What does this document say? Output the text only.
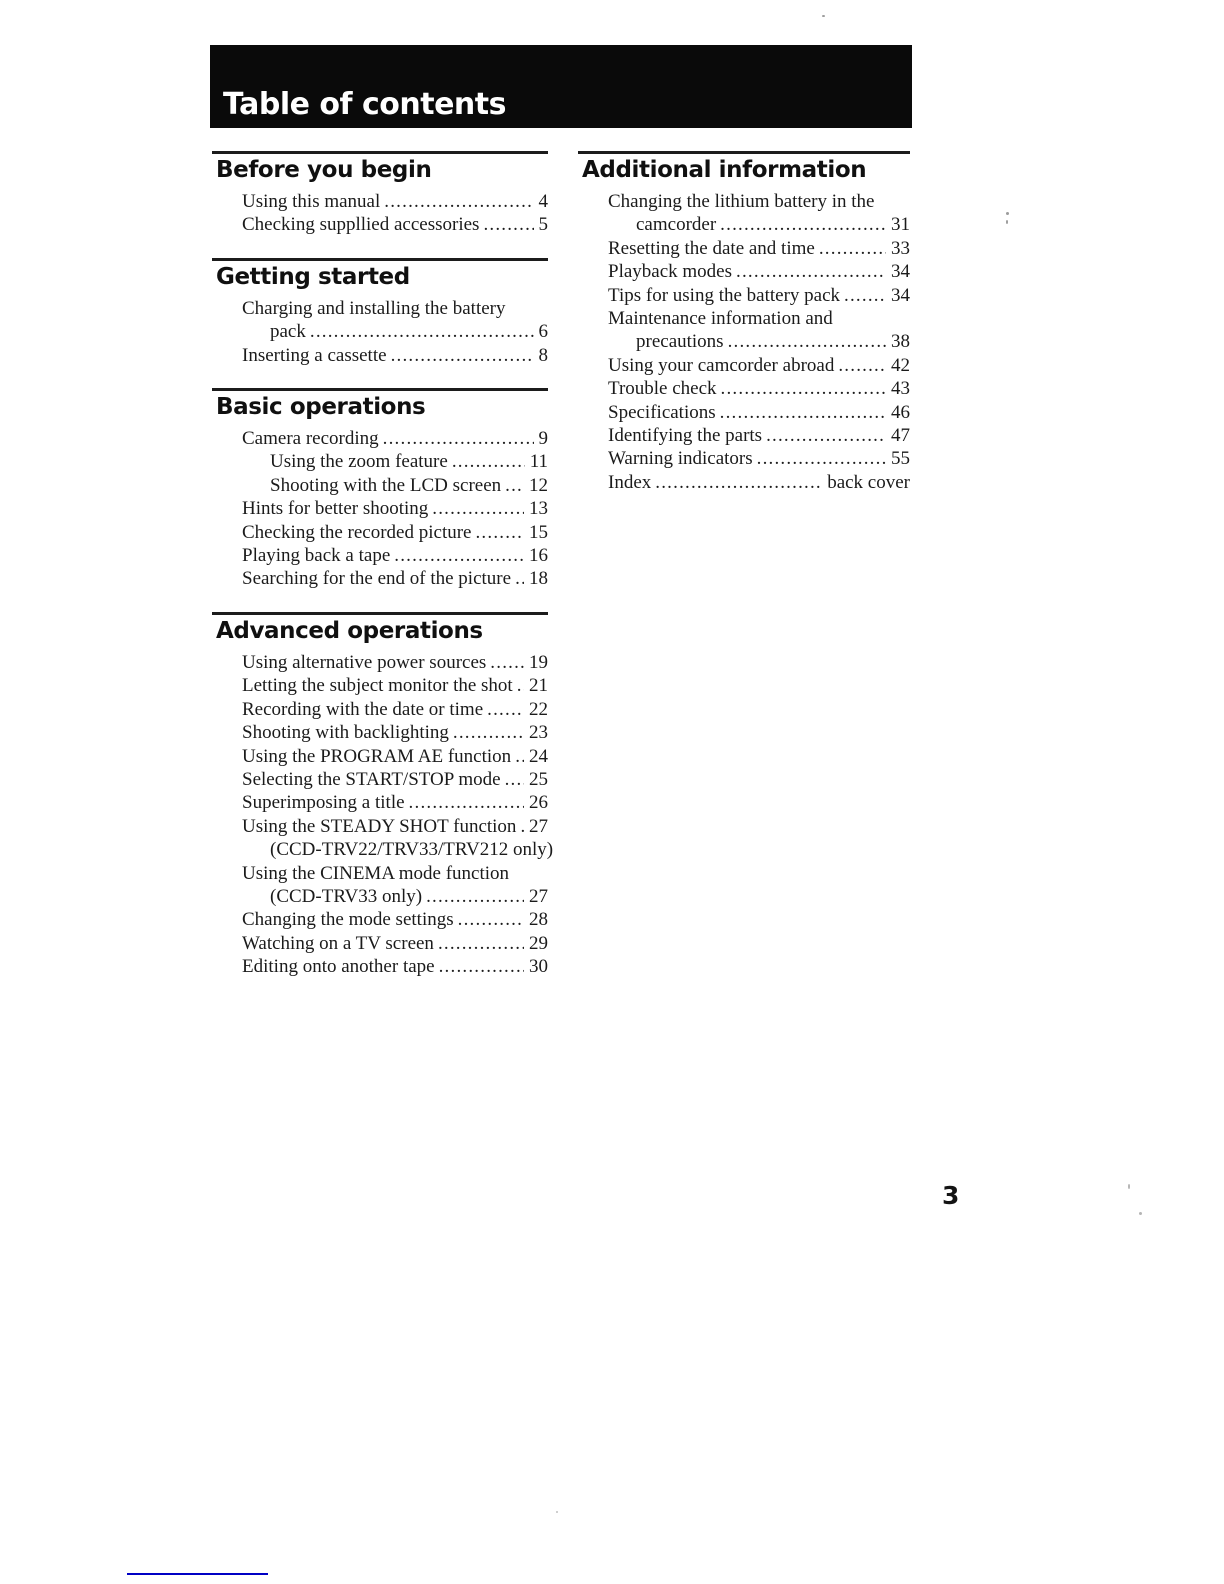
Table of contents
Before you begin
Using this manual .....	4
Checking suppllied accessories .....	5
Getting started
Charging and installing the battery
pack .....	6
Inserting a cassette .....	8
Basic operations
Camera recording .....	9
Using the zoom feature .....	11
Shooting with the LCD screen ..... 12
Hints for better shooting .....	13
Checking the recorded picture .....	15
Playing back a tape .....	16
Searching for the end of the picture ..... 18
Advanced operations
Using alternative power sources ..... 19
Letting the subject monitor the shot ..... 21
Recording with the date or time ..... 22
Shooting with backlighting .....	23
Using the PROGRAM AE function ..... 24
Selecting the START/STOP mode ..... 25
Superimposing a title .....	26
Using the STEADY SHOT function ..... 27
(CCD-TRV22/TRV33/TRV212 only)
Using the CINEMA mode function
(CCD-TRV33 only) .....	27
Changing the mode settings .....	28
Watching on a TV screen .....	29
Editing onto another tape .....	30
Additional information
Changing the lithium battery in the
camcorder .....	31
Resetting the date and time .....	33
Playback modes .....	34
Tips for using the battery pack .....	34
Maintenance information and
precautions .....	38
Using your camcorder abroad .....	42
Trouble check .....	43
Specifications .....	46
Identifying the parts .....	47
Warning indicators .....	55
Index .....	back cover
3
